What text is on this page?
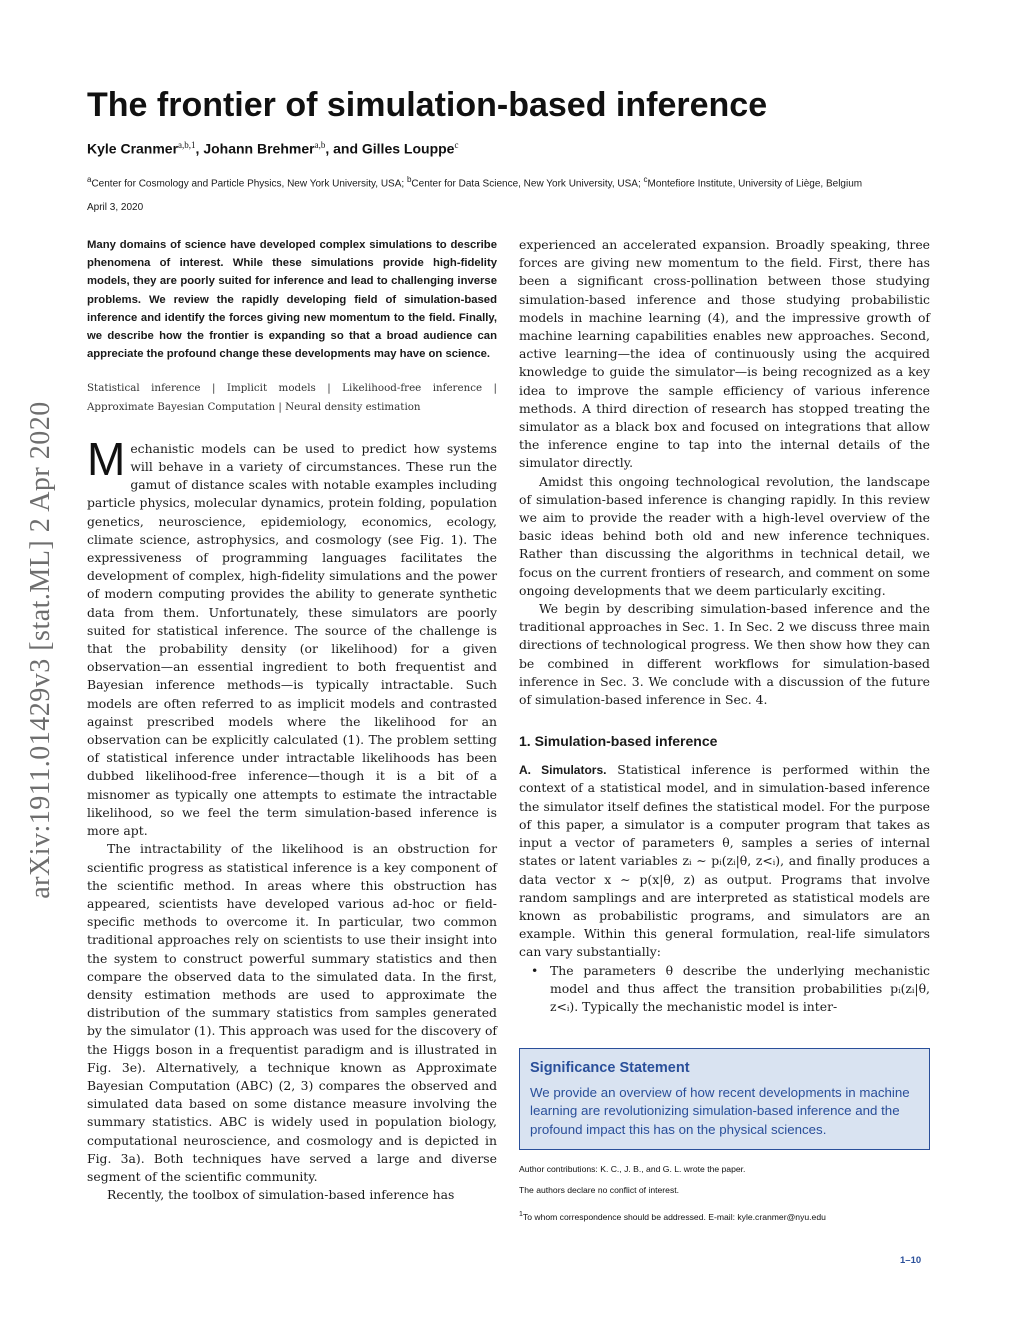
arXiv:1911.01429v3 [stat.ML] 2 Apr 2020
The frontier of simulation-based inference
Kyle Cranmer$^{a,b,1}$, Johann Brehmer$^{a,b}$, and Gilles Louppe$^c$
$^a$Center for Cosmology and Particle Physics, New York University, USA; $^b$Center for Data Science, New York University, USA; $^c$Montefiore Institute, University of Liège, Belgium
April 3, 2020

Many domains of science have developed complex simulations to describe phenomena of interest. While these simulations provide high-fidelity models, they are poorly suited for inference and lead to challenging inverse problems. We review the rapidly developing field of simulation-based inference and identify the forces giving new momentum to the field. Finally, we describe how the frontier is expanding so that a broad audience can appreciate the profound change these developments may have on science.

Statistical inference | Implicit models | Likelihood-free inference | Approximate Bayesian Computation | Neural density estimation

Mechanistic models can be used to predict how systems will behave in a variety of circumstances. These run the gamut of distance scales with notable examples including particle physics, molecular dynamics, protein folding, population genetics, neuroscience, epidemiology, economics, ecology, climate science, astrophysics, and cosmology (see Fig. 1). The expressiveness of programming languages facilitates the development of complex, high-fidelity simulations and the power of modern computing provides the ability to generate synthetic data from them. Unfortunately, these simulators are poorly suited for statistical inference. The source of the challenge is that the probability density (or likelihood) for a given observation—an essential ingredient to both frequentist and Bayesian inference methods—is typically intractable. Such models are often referred to as implicit models and contrasted against prescribed models where the likelihood for an observation can be explicitly calculated (1). The problem setting of statistical inference under intractable likelihoods has been dubbed likelihood-free inference—though it is a bit of a misnomer as typically one attempts to estimate the intractable likelihood, so we feel the term simulation-based inference is more apt.

The intractability of the likelihood is an obstruction for scientific progress as statistical inference is a key component of the scientific method. In areas where this obstruction has appeared, scientists have developed various ad-hoc or field-specific methods to overcome it. In particular, two common traditional approaches rely on scientists to use their insight into the system to construct powerful summary statistics and then compare the observed data to the simulated data. In the first, density estimation methods are used to approximate the distribution of the summary statistics from samples generated by the simulator (1). This approach was used for the discovery of the Higgs boson in a frequentist paradigm and is illustrated in Fig. 3e). Alternatively, a technique known as Approximate Bayesian Computation (ABC) (2, 3) compares the observed and simulated data based on some distance measure involving the summary statistics. ABC is widely used in population biology, computational neuroscience, and cosmology and is depicted in Fig. 3a). Both techniques have served a large and diverse segment of the scientific community.

Recently, the toolbox of simulation-based inference has

experienced an accelerated expansion. Broadly speaking, three forces are giving new momentum to the field. First, there has been a significant cross-pollination between those studying simulation-based inference and those studying probabilistic models in machine learning (4), and the impressive growth of machine learning capabilities enables new approaches. Second, active learning—the idea of continuously using the acquired knowledge to guide the simulator—is being recognized as a key idea to improve the sample efficiency of various inference methods. A third direction of research has stopped treating the simulator as a black box and focused on integrations that allow the inference engine to tap into the internal details of the simulator directly.

Amidst this ongoing technological revolution, the landscape of simulation-based inference is changing rapidly. In this review we aim to provide the reader with a high-level overview of the basic ideas behind both old and new inference techniques. Rather than discussing the algorithms in technical detail, we focus on the current frontiers of research, and comment on some ongoing developments that we deem particularly exciting.

We begin by describing simulation-based inference and the traditional approaches in Sec. 1. In Sec. 2 we discuss three main directions of technological progress. We then show how they can be combined in different workflows for simulation-based inference in Sec. 3. We conclude with a discussion of the future of simulation-based inference in Sec. 4.

1. Simulation-based inference

A. Simulators. Statistical inference is performed within the context of a statistical model, and in simulation-based inference the simulator itself defines the statistical model. For the purpose of this paper, a simulator is a computer program that takes as input a vector of parameters θ, samples a series of internal states or latent variables zᵢ ∼ pᵢ(zᵢ|θ, z<ᵢ), and finally produces a data vector x ∼ p(x|θ, z) as output. Programs that involve random samplings and are interpreted as statistical models are known as probabilistic programs, and simulators are an example. Within this general formulation, real-life simulators can vary substantially:

• The parameters θ describe the underlying mechanistic model and thus affect the transition probabilities pᵢ(zᵢ|θ, z<ᵢ). Typically the mechanistic model is inter-
Significance Statement

We provide an overview of how recent developments in machine learning are revolutionizing simulation-based inference and the profound impact this has on the physical sciences.

Author contributions: K. C., J. B., and G. L. wrote the paper.
The authors declare no conflict of interest.
$^1$To whom correspondence should be addressed. E-mail: kyle.cranmer@nyu.edu
1–10
